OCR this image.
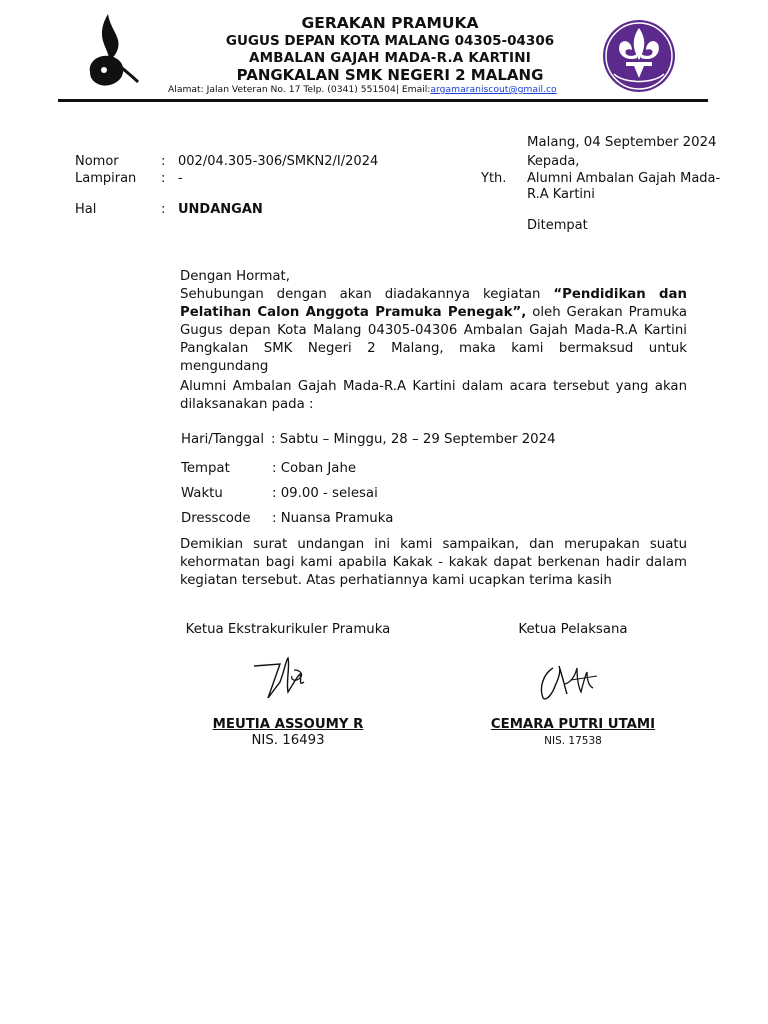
GERAKAN PRAMUKA
GUGUS DEPAN KOTA MALANG 04305-04306
AMBALAN GAJAH MADA-R.A KARTINI
PANGKALAN SMK NEGERI 2 MALANG
Alamat: Jalan Veteran No. 17 Telp. (0341) 551504| Email:argamaraniscout@gmail.co
Malang, 04 September 2024
Nomor	: 002/04.305-306/SMKN2/I/2024
Lampiran : -
Hal	: UNDANGAN
Yth.
Kepada,
Alumni Ambalan Gajah Mada-
R.A Kartini
Ditempat
Dengan Hormat,
Sehubungan dengan akan diadakannya kegiatan “Pendidikan dan Pelatihan Calon Anggota Pramuka Penegak”, oleh Gerakan Pramuka Gugus depan Kota Malang 04305-04306 Ambalan Gajah Mada-R.A Kartini Pangkalan SMK Negeri 2 Malang, maka kami bermaksud untuk mengundang
Alumni Ambalan Gajah Mada-R.A Kartini dalam acara tersebut yang akan dilaksanakan pada :
Hari/Tanggal : Sabtu – Minggu, 28 – 29 September 2024
Tempat	: Coban Jahe
Waktu	: 09.00 - selesai
Dresscode : Nuansa Pramuka
Demikian surat undangan ini kami sampaikan, dan merupakan suatu kehormatan bagi kami apabila Kakak - kakak dapat berkenan hadir dalam kegiatan tersebut. Atas perhatiannya kami ucapkan terima kasih
Ketua Ekstrakurikuler Pramuka
MEUTIA ASSOUMY R
NIS. 16493
Ketua Pelaksana
CEMARA PUTRI UTAMI
NIS. 17538
